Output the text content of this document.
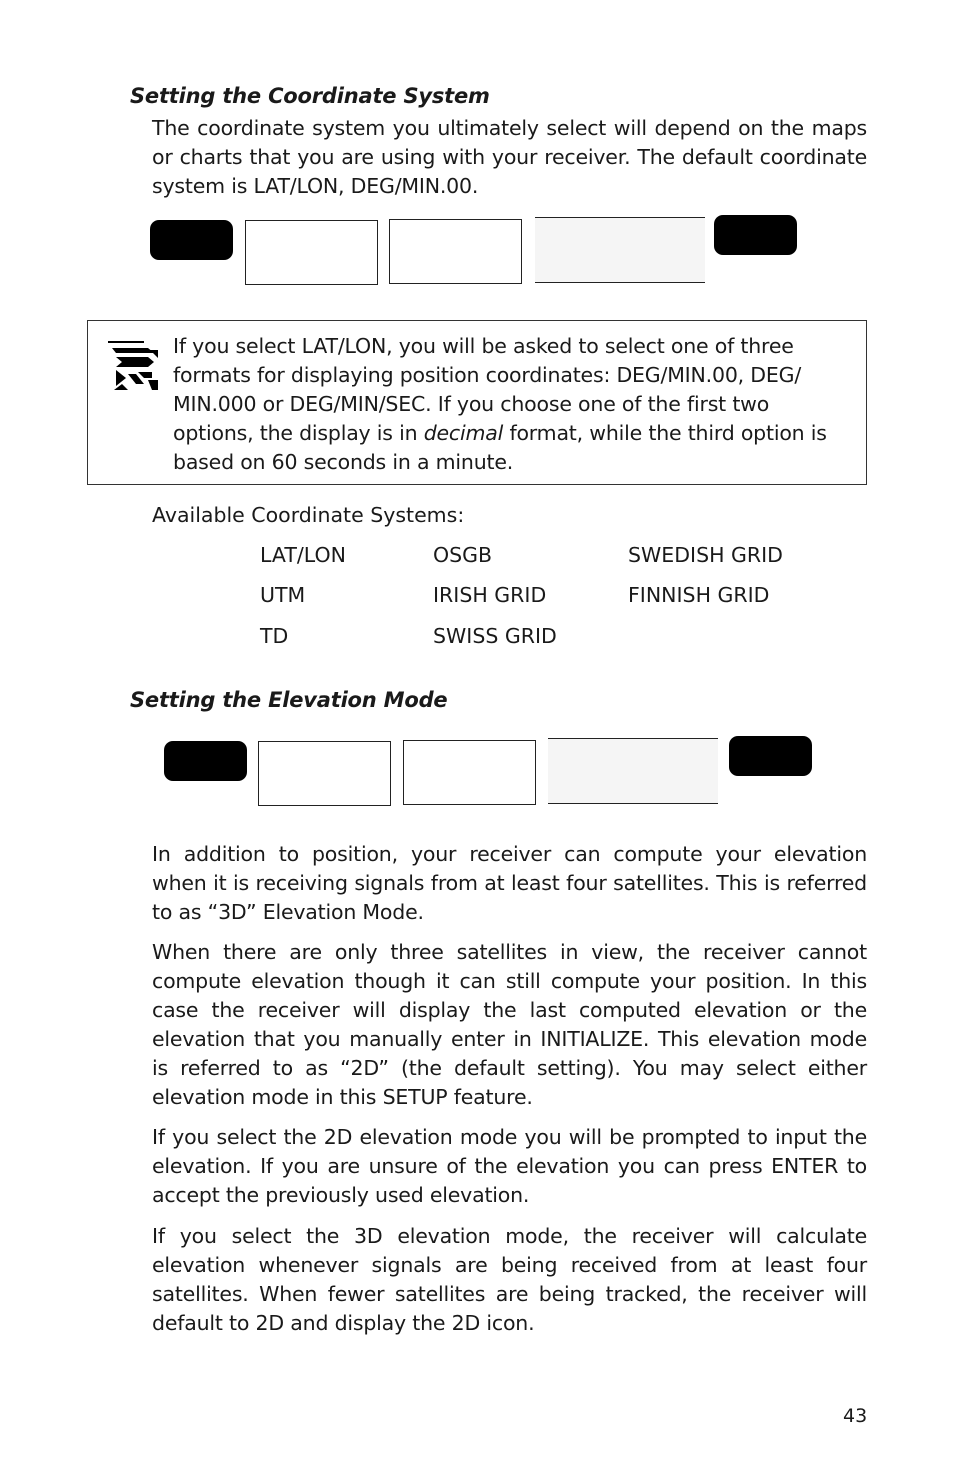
Setting the Coordinate System

The coordinate system you ultimately select will depend on the maps or charts that you are using with your receiver. The default coordinate system is LAT/LON, DEG/MIN.00.

If you select LAT/LON, you will be asked to select one of three formats for displaying position coordinates: DEG/MIN.00, DEG/ MIN.000 or DEG/MIN/SEC. If you choose one of the first two options, the display is in decimal format, while the third option is based on 60 seconds in a minute.

Available Coordinate Systems:

LAT/LON	OSGB	SWEDISH GRID
UTM	IRISH GRID	FINNISH GRID
TD	SWISS GRID
Setting the Elevation Mode

In addition to position, your receiver can compute your elevation when it is receiving signals from at least four satellites. This is referred to as “3D” Elevation Mode.

When there are only three satellites in view, the receiver cannot compute elevation though it can still compute your position. In this case the receiver will display the last computed elevation or the elevation that you manually enter in INITIALIZE. This elevation mode is referred to as “2D” (the default setting). You may select either elevation mode in this SETUP feature.

If you select the 2D elevation mode you will be prompted to input the elevation. If you are unsure of the elevation you can press ENTER to accept the previously used elevation.

If you select the 3D elevation mode, the receiver will calculate elevation whenever signals are being received from at least four satellites. When fewer satellites are being tracked, the receiver will default to 2D and display the 2D icon.

43
